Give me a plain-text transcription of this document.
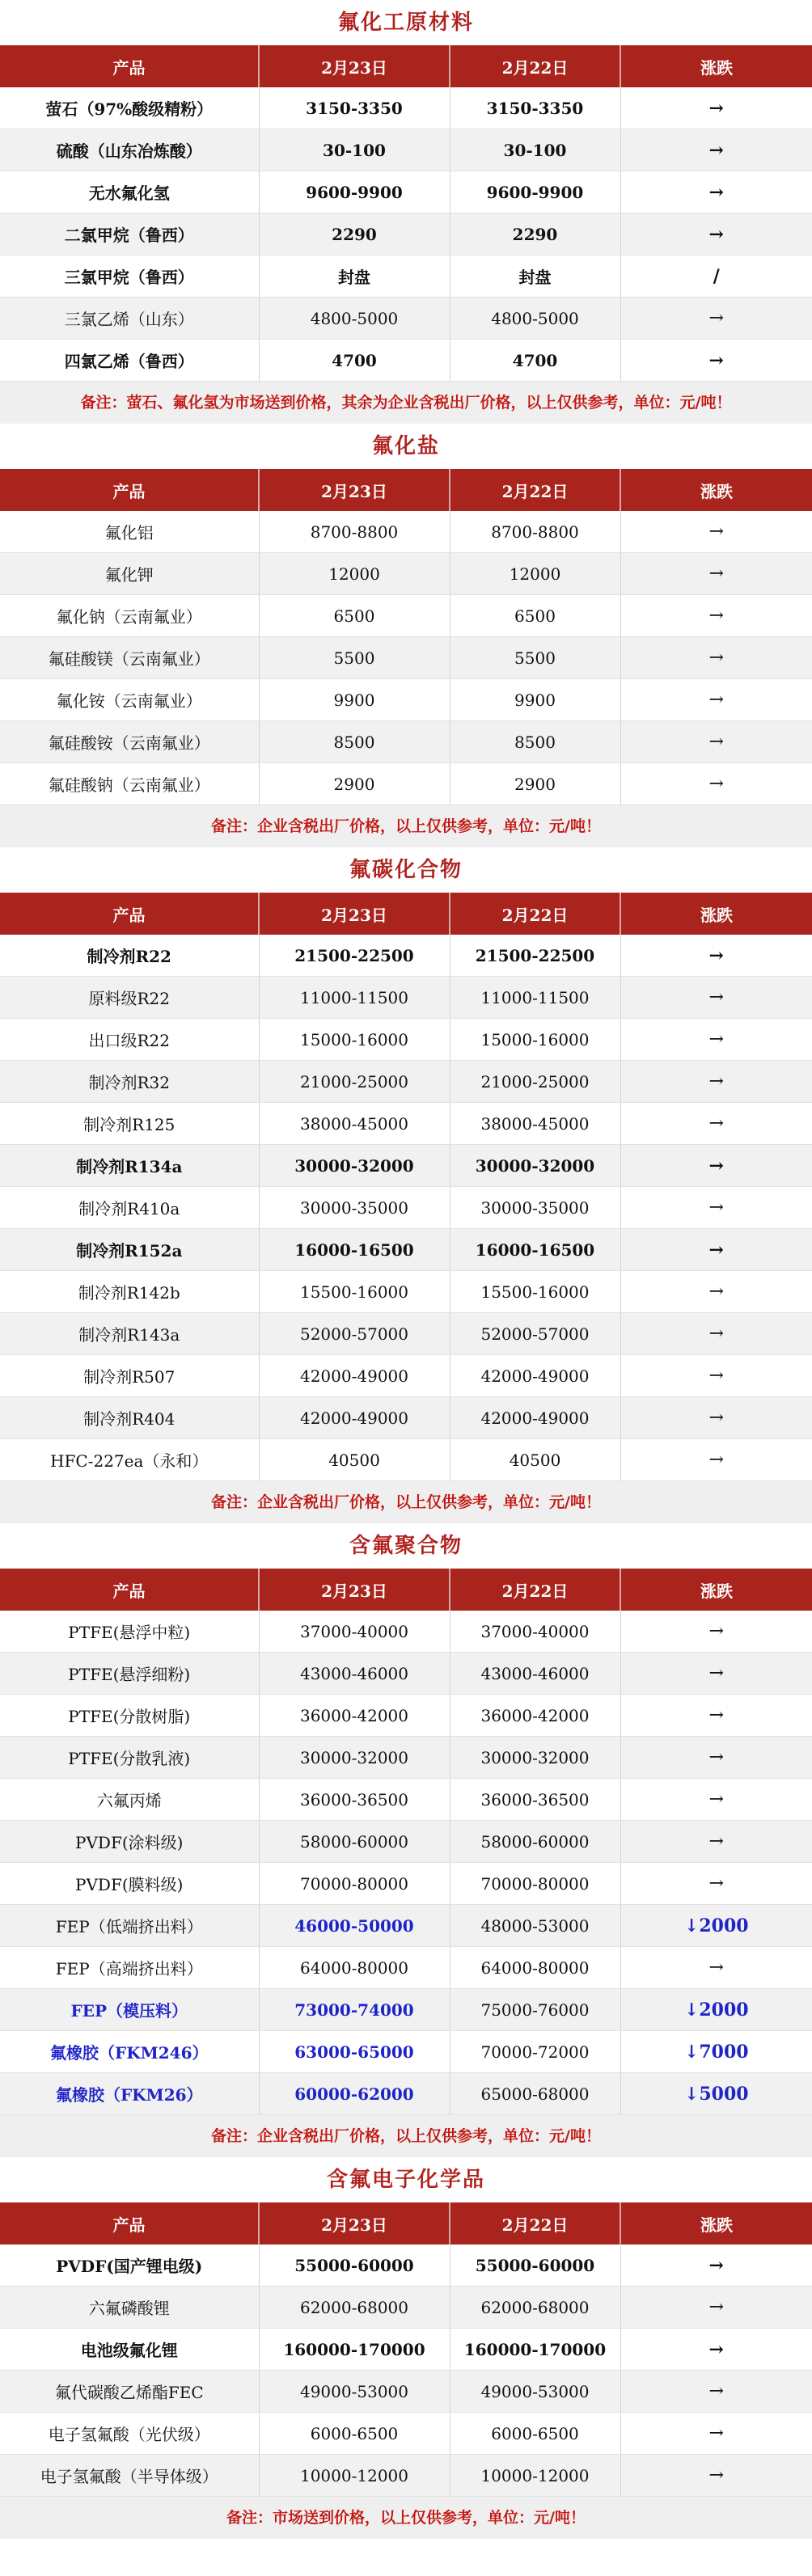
氟化工原材料
产品	2月23日	2月22日	涨跌
萤石（97%酸级精粉）	3150-3350	3150-3350	→
硫酸（山东冶炼酸）	30-100	30-100	→
无水氟化氢	9600-9900	9600-9900	→
二氯甲烷（鲁西）	2290	2290	→
三氯甲烷（鲁西）	封盘	封盘	/
三氯乙烯（山东）	4800-5000	4800-5000	→
四氯乙烯（鲁西）	4700	4700	→
备注：萤石、氟化氢为市场送到价格，其余为企业含税出厂价格，以上仅供参考，单位：元/吨！
氟化盐
产品	2月23日	2月22日	涨跌
氟化铝	8700-8800	8700-8800	→
氟化钾	12000	12000	→
氟化钠（云南氟业）	6500	6500	→
氟硅酸镁（云南氟业）	5500	5500	→
氟化铵（云南氟业）	9900	9900	→
氟硅酸铵（云南氟业）	8500	8500	→
氟硅酸钠（云南氟业）	2900	2900	→
备注：企业含税出厂价格，以上仅供参考，单位：元/吨！
氟碳化合物
产品	2月23日	2月22日	涨跌
制冷剂R22	21500-22500	21500-22500	→
原料级R22	11000-11500	11000-11500	→
出口级R22	15000-16000	15000-16000	→
制冷剂R32	21000-25000	21000-25000	→
制冷剂R125	38000-45000	38000-45000	→
制冷剂R134a	30000-32000	30000-32000	→
制冷剂R410a	30000-35000	30000-35000	→
制冷剂R152a	16000-16500	16000-16500	→
制冷剂R142b	15500-16000	15500-16000	→
制冷剂R143a	52000-57000	52000-57000	→
制冷剂R507	42000-49000	42000-49000	→
制冷剂R404	42000-49000	42000-49000	→
HFC-227ea（永和）	40500	40500	→
备注：企业含税出厂价格，以上仅供参考，单位：元/吨！
含氟聚合物
产品	2月23日	2月22日	涨跌
PTFE(悬浮中粒)	37000-40000	37000-40000	→
PTFE(悬浮细粉)	43000-46000	43000-46000	→
PTFE(分散树脂)	36000-42000	36000-42000	→
PTFE(分散乳液)	30000-32000	30000-32000	→
六氟丙烯	36000-36500	36000-36500	→
PVDF(涂料级)	58000-60000	58000-60000	→
PVDF(膜料级)	70000-80000	70000-80000	→
FEP（低端挤出料）	46000-50000	48000-53000	↓2000
FEP（高端挤出料）	64000-80000	64000-80000	→
FEP（模压料）	73000-74000	75000-76000	↓2000
氟橡胶（FKM246）	63000-65000	70000-72000	↓7000
氟橡胶（FKM26）	60000-62000	65000-68000	↓5000
备注：企业含税出厂价格，以上仅供参考，单位：元/吨！
含氟电子化学品
产品	2月23日	2月22日	涨跌
PVDF(国产锂电级)	55000-60000	55000-60000	→
六氟磷酸锂	62000-68000	62000-68000	→
电池级氟化锂	160000-170000	160000-170000	→
氟代碳酸乙烯酯FEC	49000-53000	49000-53000	→
电子氢氟酸（光伏级）	6000-6500	6000-6500	→
电子氢氟酸（半导体级）	10000-12000	10000-12000	→
备注：市场送到价格，以上仅供参考，单位：元/吨！
